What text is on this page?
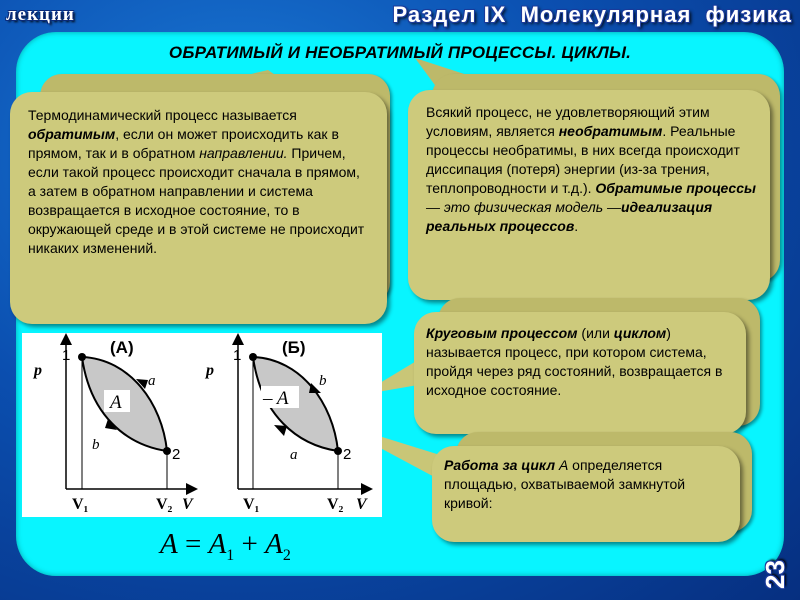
лекции	Раздел IX  Молекулярная  физика
ОБРАТИМЫЙ И НЕОБРАТИМЫЙ ПРОЦЕССЫ. ЦИКЛЫ.

Термодинамический процесс называется обратимым, если он может происходить как в прямом, так и в обратном направлении. Причем, если такой процесс происходит сначала в прямом, а затем в обратном направлении и система возвращается в исходное состояние, то в окружающей среде и в этой системе не происходит никаких изменений.

Всякий процесс, не удовлетворяющий этим условиям, является необратимым. Реальные процессы необратимы, в них всегда происходит диссипация (потеря) энергии (из-за трения, теплопроводности и т.д.). Обратимые процессы — это физическая модель —идеализация реальных процессов.

Круговым процессом (или циклом) называется процесс, при котором система, пройдя через ряд состояний, возвращается в исходное состояние.

Работа за цикл А определяется площадью, охватываемой замкнутой кривой:

A
(А)
p
V
V₁	V₂
1
2
a
b
– A
(Б)
p
V
V₁	V₂
1
2
b
a
$A = A_1 + A_2$
23
